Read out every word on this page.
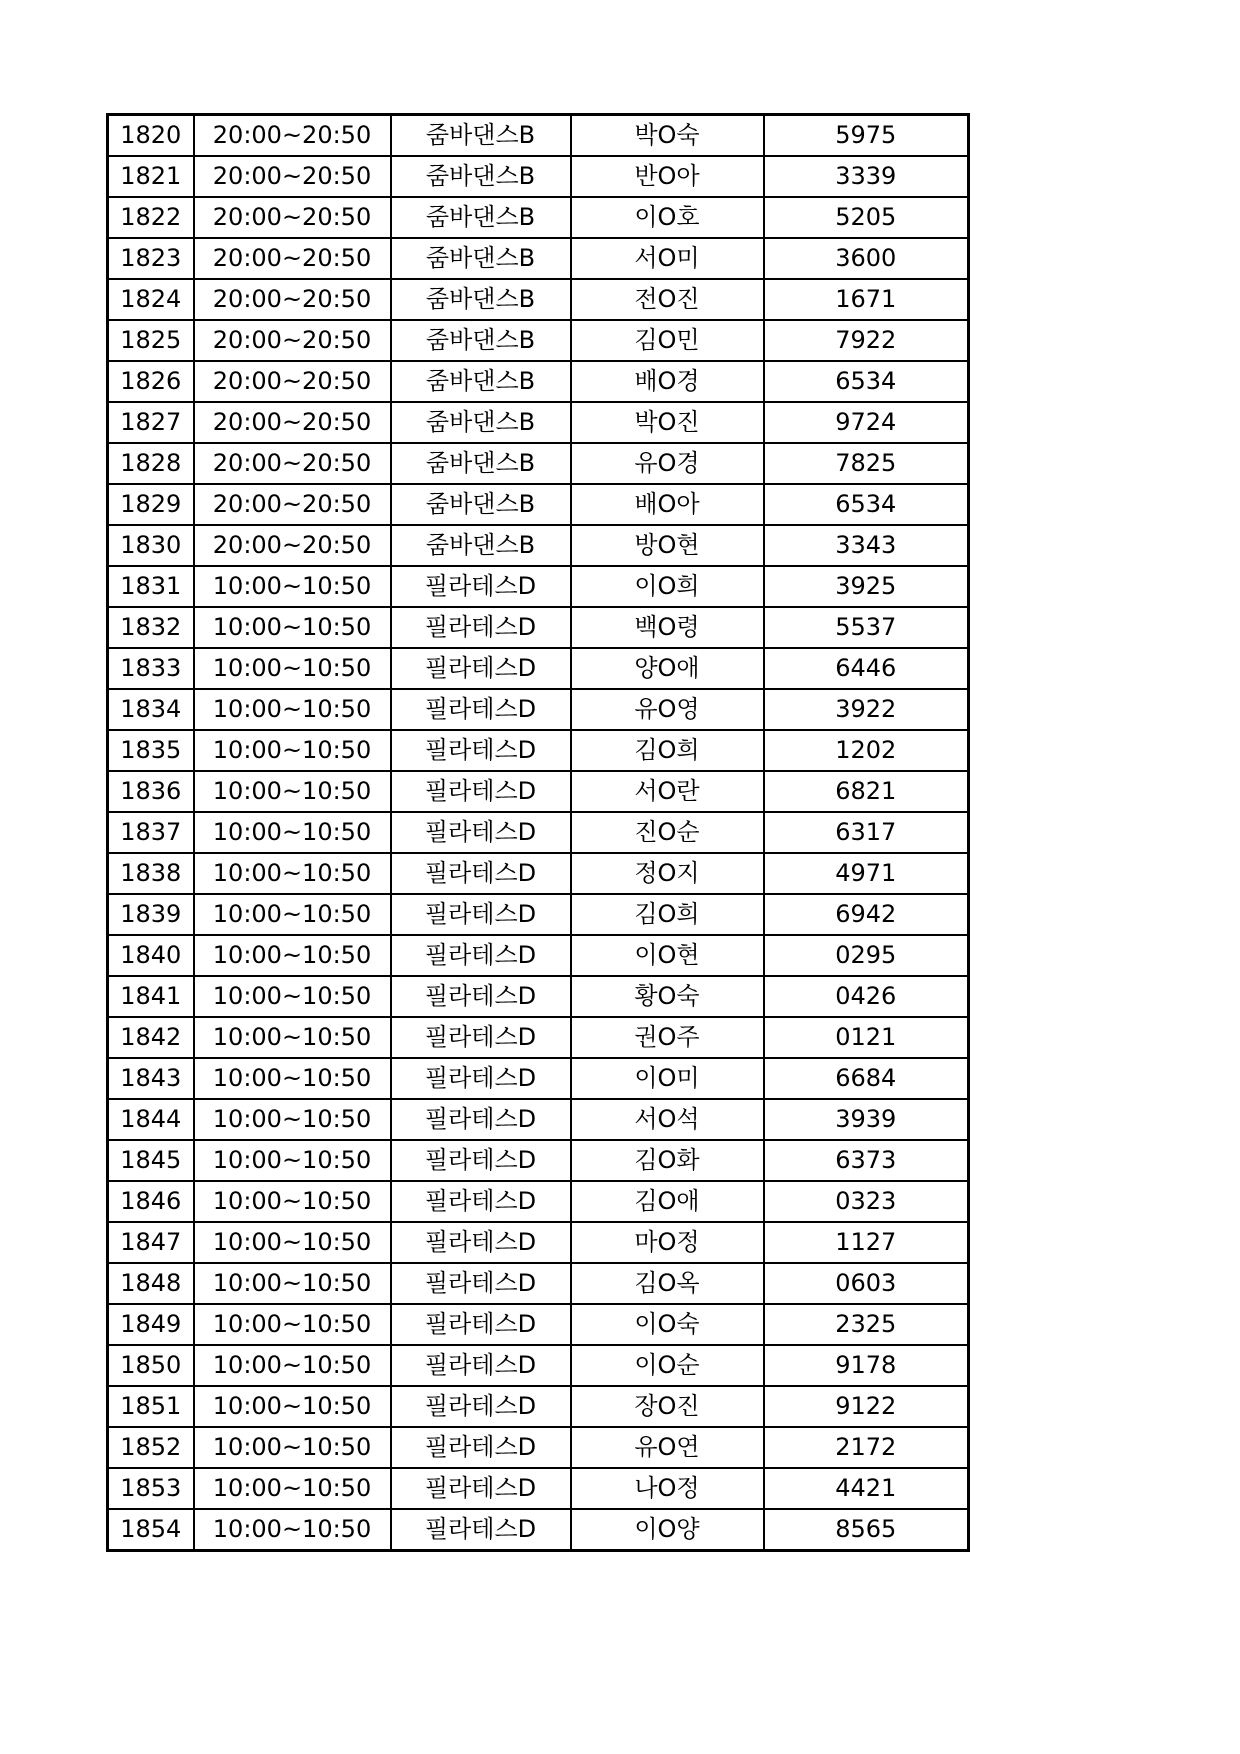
1820	20:00~20:50	줌바댄스B	박O숙	5975
1821	20:00~20:50	줌바댄스B	반O아	3339
1822	20:00~20:50	줌바댄스B	이O호	5205
1823	20:00~20:50	줌바댄스B	서O미	3600
1824	20:00~20:50	줌바댄스B	전O진	1671
1825	20:00~20:50	줌바댄스B	김O민	7922
1826	20:00~20:50	줌바댄스B	배O경	6534
1827	20:00~20:50	줌바댄스B	박O진	9724
1828	20:00~20:50	줌바댄스B	유O경	7825
1829	20:00~20:50	줌바댄스B	배O아	6534
1830	20:00~20:50	줌바댄스B	방O현	3343
1831	10:00~10:50	필라테스D	이O희	3925
1832	10:00~10:50	필라테스D	백O령	5537
1833	10:00~10:50	필라테스D	양O애	6446
1834	10:00~10:50	필라테스D	유O영	3922
1835	10:00~10:50	필라테스D	김O희	1202
1836	10:00~10:50	필라테스D	서O란	6821
1837	10:00~10:50	필라테스D	진O순	6317
1838	10:00~10:50	필라테스D	정O지	4971
1839	10:00~10:50	필라테스D	김O희	6942
1840	10:00~10:50	필라테스D	이O현	0295
1841	10:00~10:50	필라테스D	황O숙	0426
1842	10:00~10:50	필라테스D	권O주	0121
1843	10:00~10:50	필라테스D	이O미	6684
1844	10:00~10:50	필라테스D	서O석	3939
1845	10:00~10:50	필라테스D	김O화	6373
1846	10:00~10:50	필라테스D	김O애	0323
1847	10:00~10:50	필라테스D	마O정	1127
1848	10:00~10:50	필라테스D	김O옥	0603
1849	10:00~10:50	필라테스D	이O숙	2325
1850	10:00~10:50	필라테스D	이O순	9178
1851	10:00~10:50	필라테스D	장O진	9122
1852	10:00~10:50	필라테스D	유O연	2172
1853	10:00~10:50	필라테스D	나O정	4421
1854	10:00~10:50	필라테스D	이O양	8565
